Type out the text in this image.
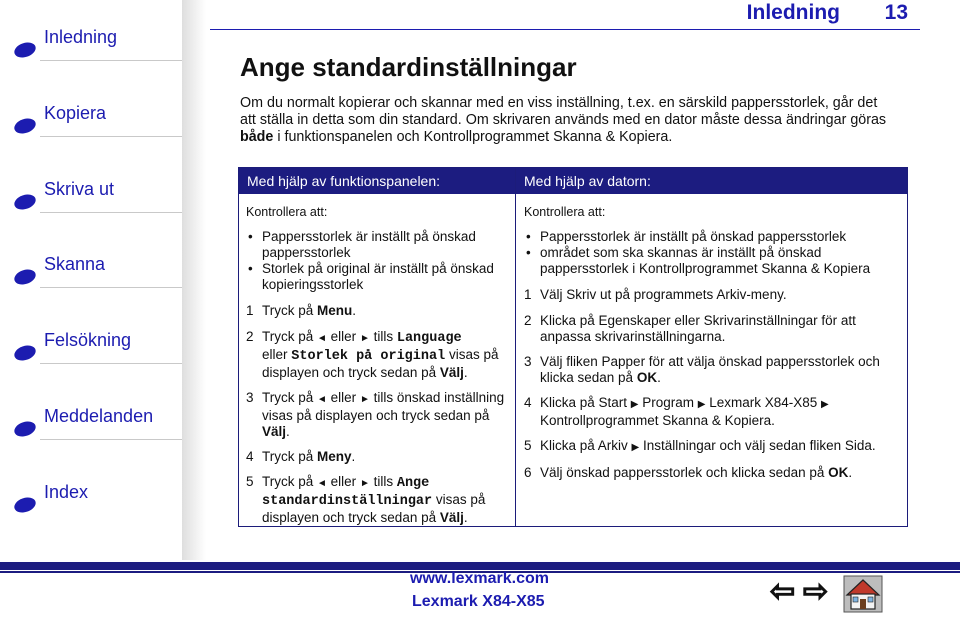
Inledning
Kopiera
Skriva ut
Skanna
Felsökning
Meddelanden
Index
Inledning 13
Ange standardinställningar
Om du normalt kopierar och skannar med en viss inställning, t.ex. en särskild pappersstorlek, går det
att ställa in detta som din standard. Om skrivaren används med en dator måste dessa ändringar göras
både i funktionspanelen och Kontrollprogrammet Skanna & Kopiera.
Med hjälp av funktionspanelen:	Med hjälp av datorn:
Kontrollera att:
• Pappersstorlek är inställt på önskad pappersstorlek
• Storlek på original är inställt på önskad kopieringsstorlek
1 Tryck på Menu.
2 Tryck på ◄ eller ► tills Language
eller Storlek på original visas på displayen och tryck sedan på Välj.
3 Tryck på ◄ eller ► tills önskad inställning visas på displayen och tryck sedan på Välj.
4 Tryck på Meny.
5 Tryck på ◄ eller ► tills Ange standardinställningar visas på displayen och tryck sedan på Välj.
Kontrollera att:
• Pappersstorlek är inställt på önskad pappersstorlek
• området som ska skannas är inställt på önskad pappersstorlek i Kontrollprogrammet Skanna & Kopiera
1 Välj Skriv ut på programmets Arkiv-meny.
2 Klicka på Egenskaper eller Skrivarinställningar för att anpassa skrivarinställningarna.
3 Välj fliken Papper för att välja önskad pappersstorlek och klicka sedan på OK.
4 Klicka på Start ▶ Program ▶ Lexmark X84-X85 ▶
Kontrollprogrammet Skanna & Kopiera.
5 Klicka på Arkiv ▶ Inställningar och välj sedan fliken Sida.
6 Välj önskad pappersstorlek och klicka sedan på OK.
www.lexmark.com
Lexmark X84-X85	⇦ ⇨
